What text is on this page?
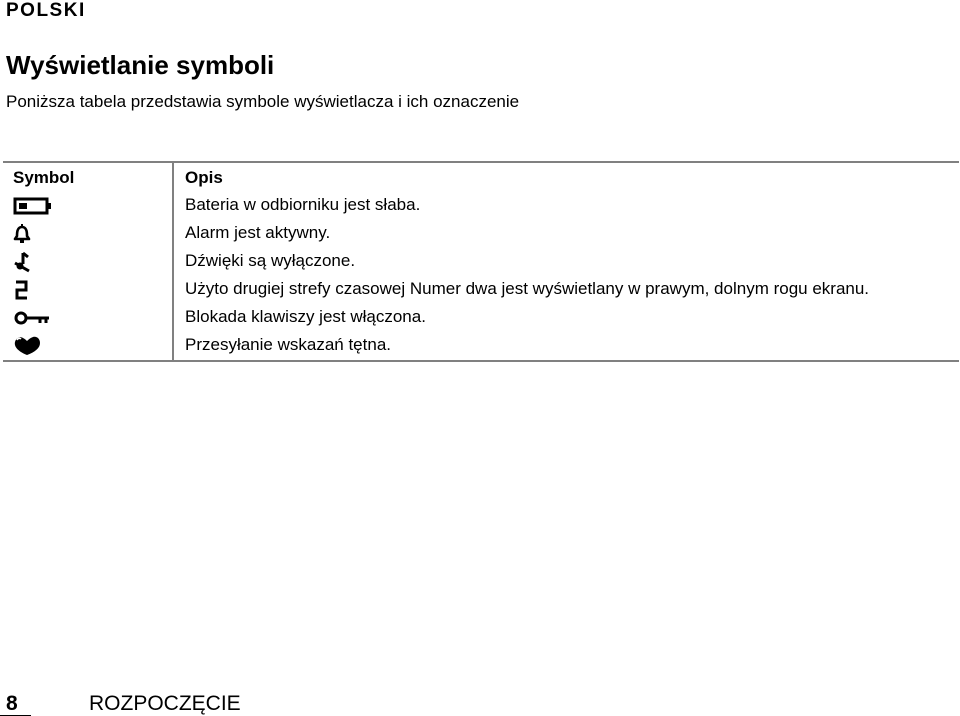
POLSKI
Wyświetlanie symboli
Poniższa tabela przedstawia symbole wyświetlacza i ich oznaczenie
Symbol	Opis

	Bateria w odbiorniku jest słaba.

	Alarm jest aktywny.

	Dźwięki są wyłączone.

	Użyto drugiej strefy czasowej Numer dwa jest wyświetlany w prawym, dolnym rogu ekranu.

	Blokada klawiszy jest włączona.

	Przesyłanie wskazań tętna.
8	ROZPOCZĘCIE
